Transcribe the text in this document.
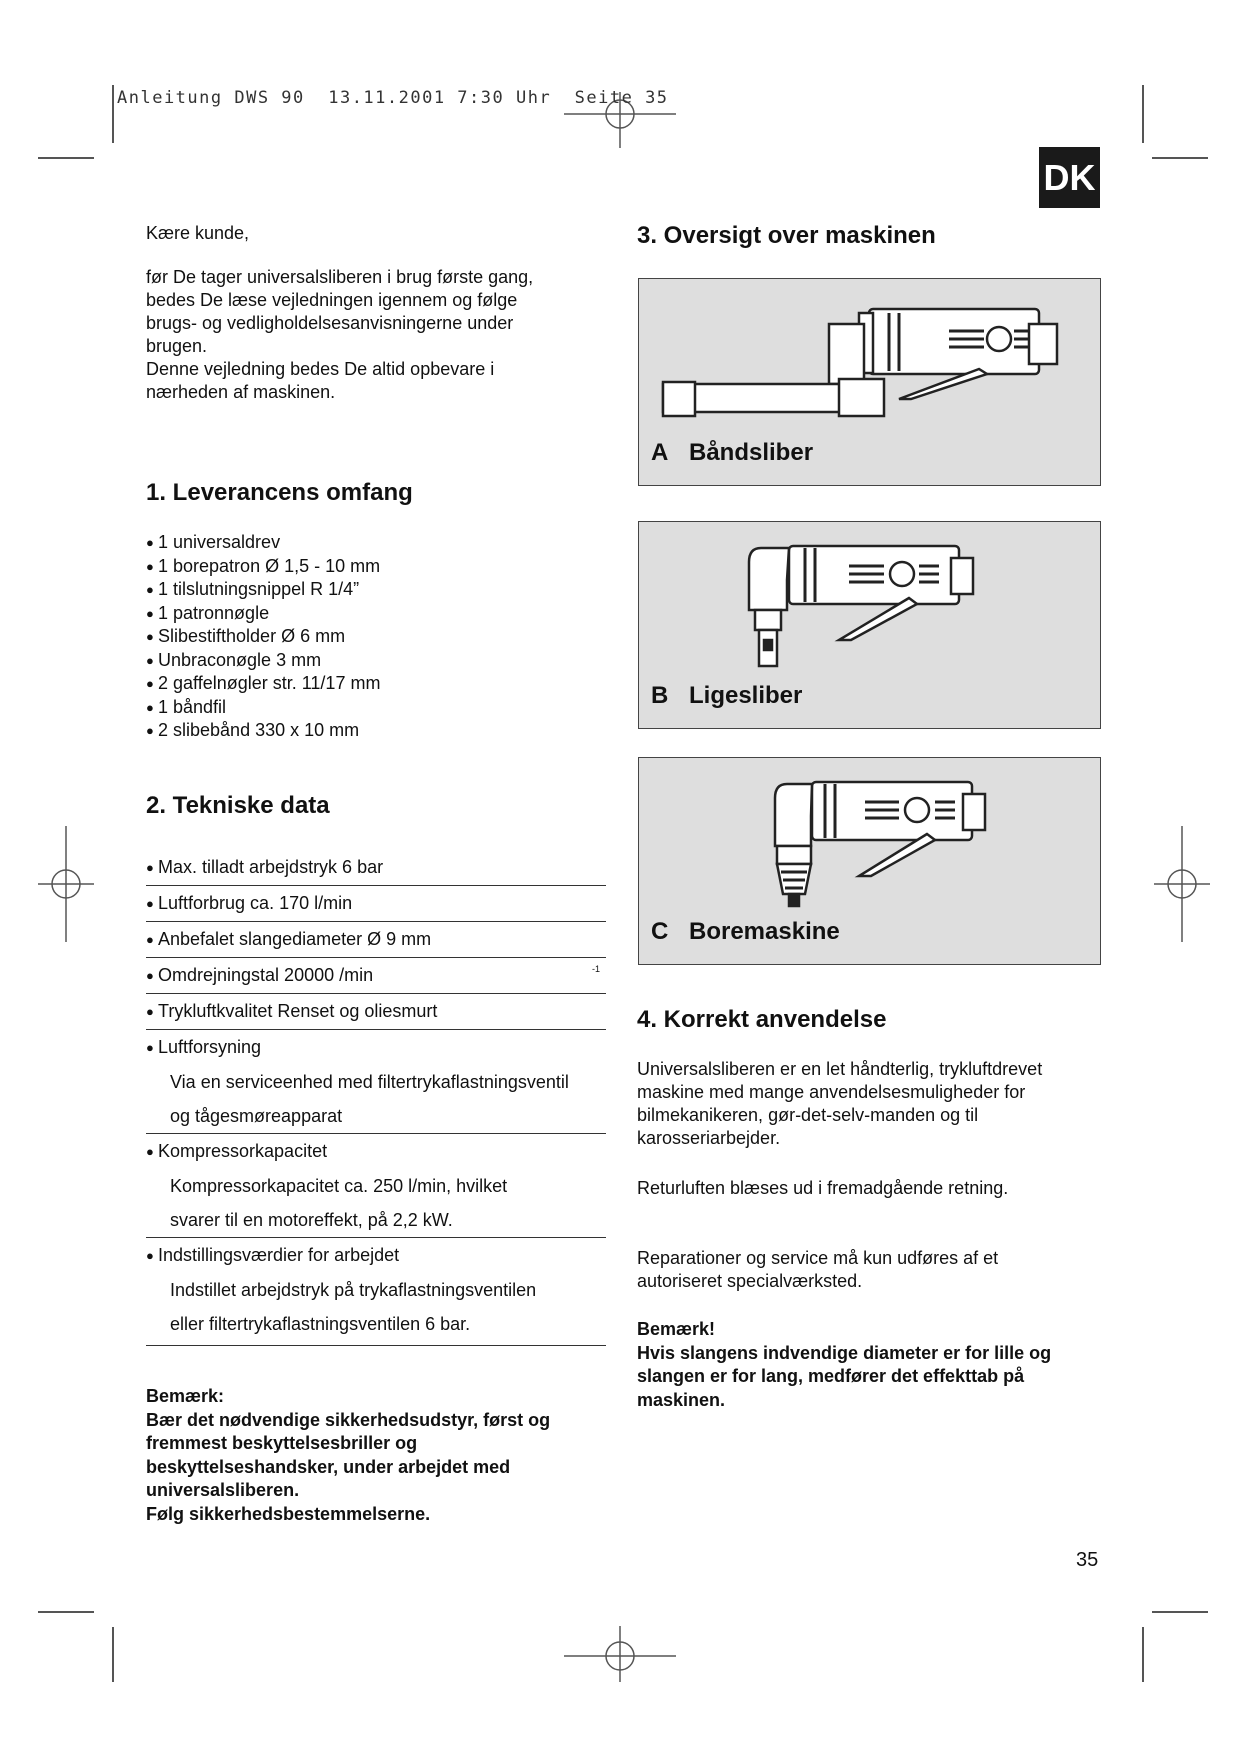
Anleitung DWS 90  13.11.2001 7:30 Uhr  Seite 35
DK
Kære kunde,
før De tager universalsliberen i brug første gang,
bedes De læse vejledningen igennem og følge
brugs- og vedligholdelsesanvisningerne under
brugen.
Denne vejledning bedes De altid opbevare i
nærheden af maskinen.
1. Leverancens omfang
● 1 universaldrev
● 1 borepatron Ø 1,5 - 10 mm
● 1 tilslutningsnippel R 1/4”
● 1 patronnøgle
● Slibestiftholder Ø 6 mm
● Unbraconøgle 3 mm
● 2 gaffelnøgler str. 11/17 mm
● 1 båndfil
● 2 slibebånd 330 x 10 mm
2. Tekniske data
● Max. tilladt arbejdstryk 6 bar
● Luftforbrug ca. 170 l/min
● Anbefalet slangediameter Ø 9 mm
● Omdrejningstal 20000 /min	-1
● Trykluftkvalitet Renset og oliesmurt
● Luftforsyning
Via en serviceenhed med filtertrykaflastningsventil
og tågesmøreapparat
● Kompressorkapacitet
Kompressorkapacitet ca. 250 l/min, hvilket
svarer til en motoreffekt, på 2,2 kW.
● Indstillingsværdier for arbejdet
Indstillet arbejdstryk på trykaflastningsventilen
eller filtertrykaflastningsventilen 6 bar.
Bemærk:
Bær det nødvendige sikkerhedsudstyr, først og
fremmest beskyttelsesbriller og
beskyttelseshandsker, under arbejdet med
universalsliberen.
Følg sikkerhedsbestemmelserne.
3. Oversigt over maskinen
A Båndsliber
B Ligesliber
C Boremaskine
4. Korrekt anvendelse
Universalsliberen er en let håndterlig, trykluftdrevet
maskine med mange anvendelsesmuligheder for
bilmekanikeren, gør-det-selv-manden og til
karosseriarbejder.
Returluften blæses ud i fremadgående retning.
Reparationer og service må kun udføres af et
autoriseret specialværksted.
Bemærk!
Hvis slangens indvendige diameter er for lille og
slangen er for lang, medfører det effekttab på
maskinen.
35
